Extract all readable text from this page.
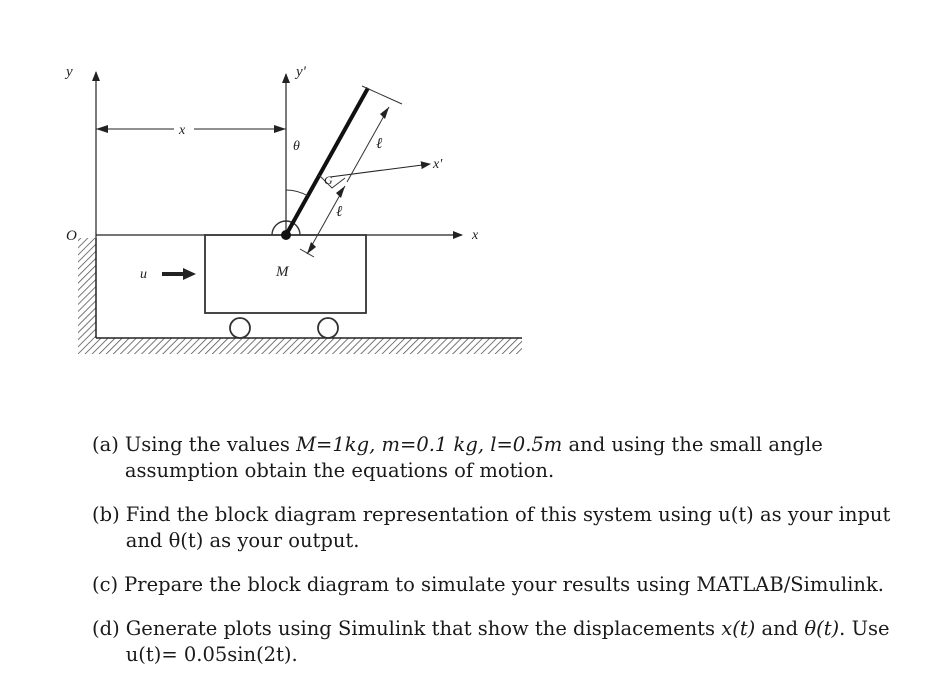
y	y'
x
θ	ℓ
G
ℓ
x'
x
O
u	M
(a) Using the values M=1kg, m=0.1 kg, l=0.5m and using the small angle assumption obtain the equations of motion.
(b) Find the block diagram representation of this system using u(t) as your input and θ(t) as your output.
(c) Prepare the block diagram to simulate your results using MATLAB/Simulink.
(d) Generate plots using Simulink that show the displacements x(t) and θ(t). Use u(t)= 0.05sin(2t).
